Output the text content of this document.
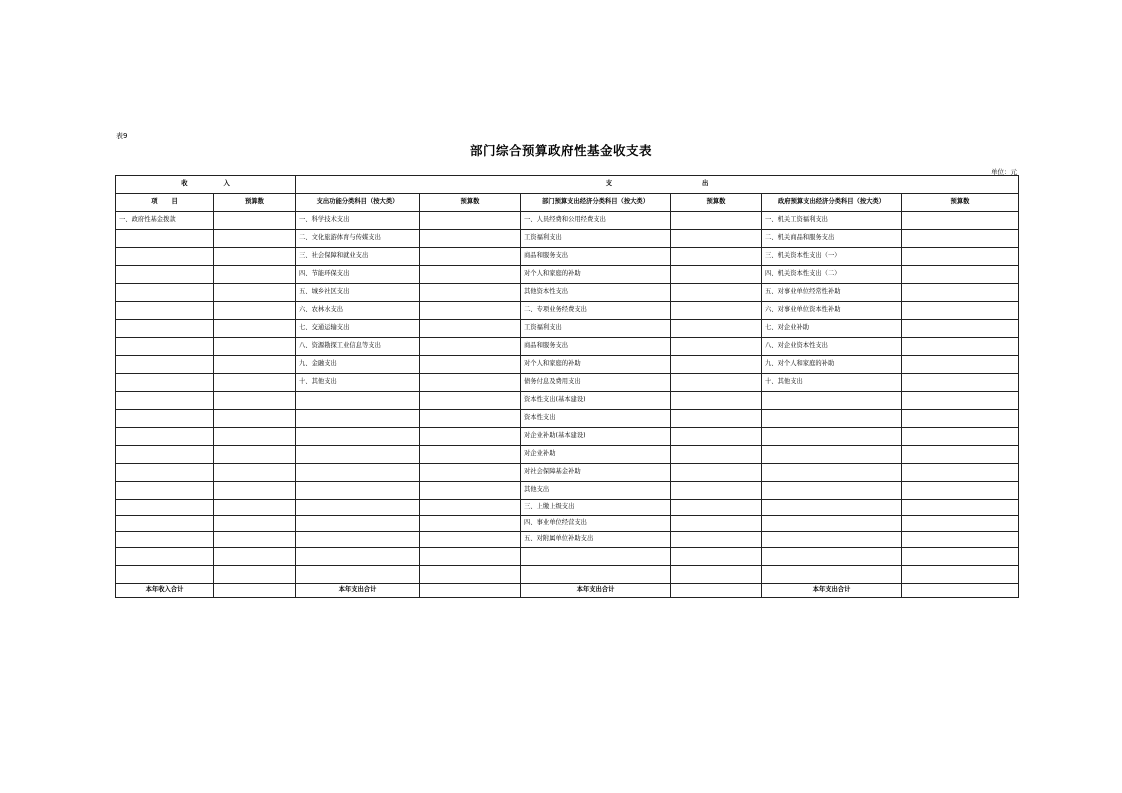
表9
部门综合预算政府性基金收支表
单位：元
收入		支出					
项目	预算数	支出功能分类科目（按大类）	预算数	部门预算支出经济分类科目（按大类）	预算数	政府预算支出经济分类科目（按大类）	预算数
一、政府性基金拨款		一、科学技术支出		一、人员经费和公用经费支出		一、机关工资福利支出	
		二、文化旅游体育与传媒支出		工资福利支出		二、机关商品和服务支出	
		三、社会保障和就业支出		商品和服务支出		三、机关资本性支出（一）	
		四、节能环保支出		对个人和家庭的补助		四、机关资本性支出（二）	
		五、城乡社区支出		其他资本性支出		五、对事业单位经常性补助	
		六、农林水支出		二、专项业务经费支出		六、对事业单位资本性补助	
		七、交通运输支出		工资福利支出		七、对企业补助	
		八、资源勘探工业信息等支出		商品和服务支出		八、对企业资本性支出	
		九、金融支出		对个人和家庭的补助		九、对个人和家庭的补助	
		十、其他支出		债务付息及费用支出		十、其他支出	
				资本性支出(基本建设)			
				资本性支出			
				对企业补助(基本建设)			
				对企业补助			
				对社会保障基金补助			
				其他支出			
				三、上缴上级支出			
				四、事业单位经营支出			
				五、对附属单位补助支出			

本年收入合计		本年支出合计		本年支出合计		本年支出合计	
